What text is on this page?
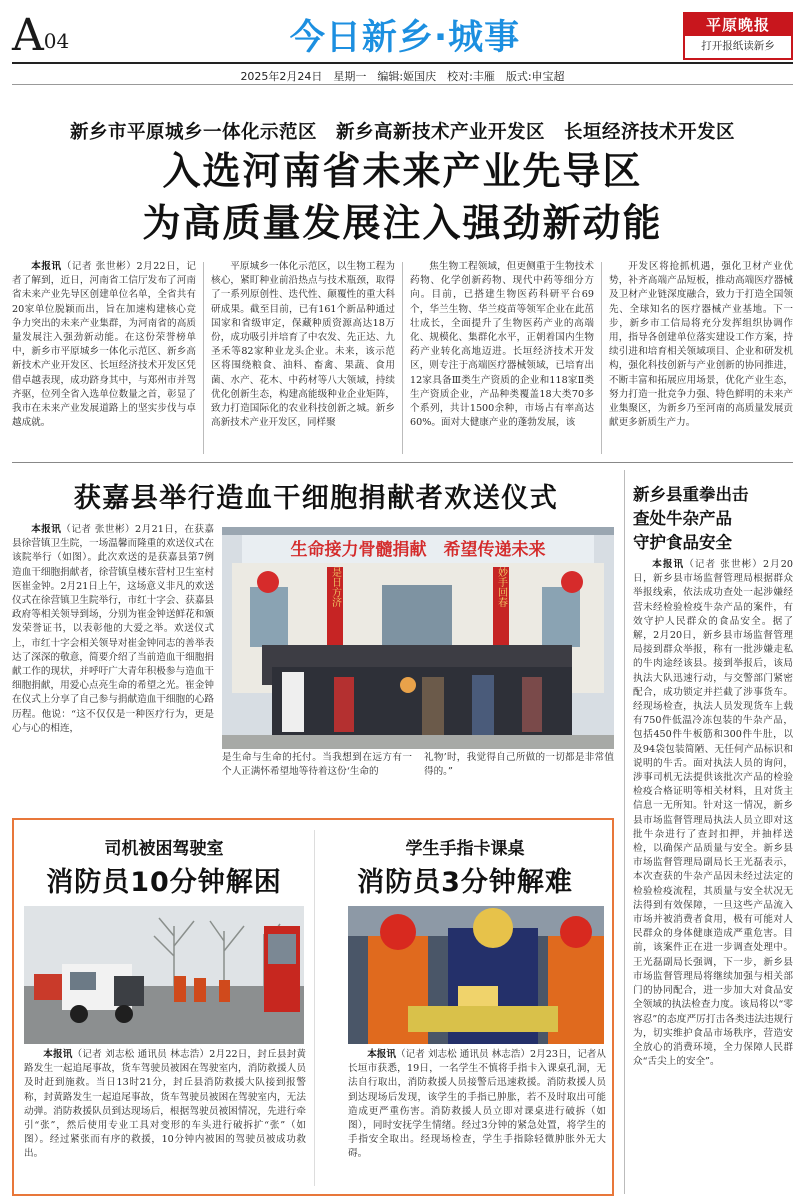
A04	今日新乡·城事	平原晚报
打开报纸读新乡
2025年2月24日　星期一　编辑:姬国庆　校对:丰雁　版式:申宝超
新乡市平原城乡一体化示范区　新乡高新技术产业开发区　长垣经济技术开发区
入选河南省未来产业先导区
为高质量发展注入强劲新动能

本报讯（记者 张世彬）2月22日，记者了解到，近日，河南省工信厅发布了河南省未来产业先导区创建单位名单，全省共有20家单位脱颖而出，旨在加速构建核心竞争力突出的未来产业集群，为河南省的高质量发展注入强劲新动能。在这份荣誉榜单中，新乡市平原城乡一体化示范区、新乡高新技术产业开发区、长垣经济技术开发区凭借卓越表现，成功跻身其中，与郑州市并驾齐驱，位列全省入选单位数量之首，彰显了我市在未来产业发展道路上的坚实步伐与卓越成就。

平原城乡一体化示范区，以生物工程为核心，紧盯种业前沿热点与技术瓶颈，取得了一系列原创性、迭代性、颠覆性的重大科研成果。截至目前，已有161个新品种通过国家和省级审定，保藏种质资源高达18万份，成功吸引并培育了中农发、先正达、九圣禾等82家种业龙头企业。未来，该示范区将围绕粮食、油料、畜禽、果蔬、食用菌、水产、花木、中药材等八大领域，持续优化创新生态，构建高能级种业企业矩阵，致力打造国际化的农业科技创新之城。新乡高新技术产业开发区，同样聚

焦生物工程领域，但更侧重于生物技术药物、化学创新药物、现代中药等细分方向。目前，已搭建生物医药科研平台69个，华兰生物、华兰疫苗等领军企业在此茁壮成长，全面提升了生物医药产业的高端化、规模化、集群化水平，正朝着国内生物药产业转化高地迈进。长垣经济技术开发区，则专注于高端医疗器械领域，已培育出12家具备Ⅲ类生产资质的企业和118家Ⅱ类生产资质企业，产品种类覆盖18大类70多个系列，共计1500余种，市场占有率高达60%。面对大健康产业的蓬勃发展，该

开发区将抢抓机遇，强化卫材产业优势，补齐高端产品短板，推动高端医疗器械及卫材产业链深度融合，致力于打造全国领先、全球知名的医疗器械产业基地。下一步，新乡市工信局将充分发挥组织协调作用，指导各创建单位落实建设工作方案，持续引进和培育相关领域项目、企业和研发机构，强化科技创新与产业创新的协同推进，不断丰富和拓展应用场景，优化产业生态，努力打造一批竞争力强、特色鲜明的未来产业集聚区，为新乡乃至河南的高质量发展贡献更多新质生产力。

获嘉县举行造血干细胞捐献者欢送仪式

本报讯（记者 张世彬）2月21日，在获嘉县徐营镇卫生院，一场温馨而隆重的欢送仪式在该院举行（如图）。此次欢送的是获嘉县第7例造血干细胞捐献者，徐营镇皇楼东营村卫生室村医崔金钟。2月21日上午，这场意义非凡的欢送仪式在徐营镇卫生院举行，市红十字会、获嘉县政府等相关领导到场，分别为崔金钟送鲜花和颁发荣誉证书，以表彰他的大爱之举。欢送仪式上，市红十字会相关领导对崔金钟同志的善举表达了深深的敬意，简要介绍了当前造血干细胞捐献工作的现状，并呼吁广大青年积极参与造血干细胞捐献，用爱心点亮生命的希望之光。崔金钟在仪式上分享了自己参与捐献造血干细胞的心路历程。他说：“这不仅仅是一种医疗行为，更是心与心的相连，

生命接力骨髓捐献　希望传递未来
是日方济	妙手回春
是生命与生命的托付。当我想到在远方有一个人正满怀希望地等待着这份‘生命的
礼物’时，我觉得自己所做的一切都是非常值得的。”
司机被困驾驶室
消防员10分钟解困

本报讯（记者 刘志松 通讯员 林志浩）2月22日，封丘县封黄路发生一起追尾事故，货车驾驶员被困在驾驶室内，消防救援人员及时赶到施救。当日13时21分，封丘县消防救援大队接到报警称，封黄路发生一起追尾事故，货车驾驶员被困在驾驶室内，无法动弹。消防救援队员到达现场后，根据驾驶员被困情况，先进行牵引“张”，然后使用专业工具对变形的车头进行破拆扩“张”（如图）。经过紧张而有序的救援，10分钟内被困的驾驶员被成功救出。

学生手指卡课桌
消防员3分钟解难

本报讯（记者 刘志松 通讯员 林志浩）2月23日，记者从长垣市获悉，19日，一名学生不慎将手指卡入课桌孔洞，无法自行取出，消防救援人员接警后迅速救援。消防救援人员到达现场后发现，该学生的手指已肿胀，若不及时取出可能造成更严重伤害。消防救援人员立即对课桌进行破拆（如图），同时安抚学生情绪。经过3分钟的紧急处置，将学生的手指安全取出。经现场检查，学生手指除轻微肿胀外无大碍。

新乡县重拳出击
查处牛杂产品
守护食品安全

本报讯（记者 张世彬）2月20日，新乡县市场监督管理局根据群众举报线索，依法成功查处一起涉嫌经营未经检验检疫牛杂产品的案件，有效守护人民群众的食品安全。据了解，2月20日，新乡县市场监督管理局接到群众举报，称有一批涉嫌走私的牛肉途经该县。接到举报后，该局执法大队迅速行动，与交警部门紧密配合，成功锁定并拦截了涉事货车。经现场检查，执法人员发现货车上载有750件低温冷冻包装的牛杂产品，包括450件牛板筋和300件牛肚，以及94袋包装简陋、无任何产品标识和说明的牛舌。面对执法人员的询问，涉事司机无法提供该批次产品的检验检疫合格证明等相关材料，且对货主信息一无所知。针对这一情况，新乡县市场监督管理局执法人员立即对这批牛杂进行了查封扣押，并抽样送检，以确保产品质量与安全。新乡县市场监督管理局副局长王光磊表示，本次查获的牛杂产品因未经过法定的检验检疫流程，其质量与安全状况无法得到有效保障，一旦这些产品流入市场并被消费者食用，极有可能对人民群众的身体健康造成严重危害。目前，该案件正在进一步调查处理中。王光磊副局长强调，下一步，新乡县市场监督管理局将继续加强与相关部门的协同配合，进一步加大对食品安全领域的执法检查力度。该局将以“零容忍”的态度严厉打击各类违法违规行为，切实维护食品市场秩序，营造安全放心的消费环境，全力保障人民群众“舌尖上的安全”。
